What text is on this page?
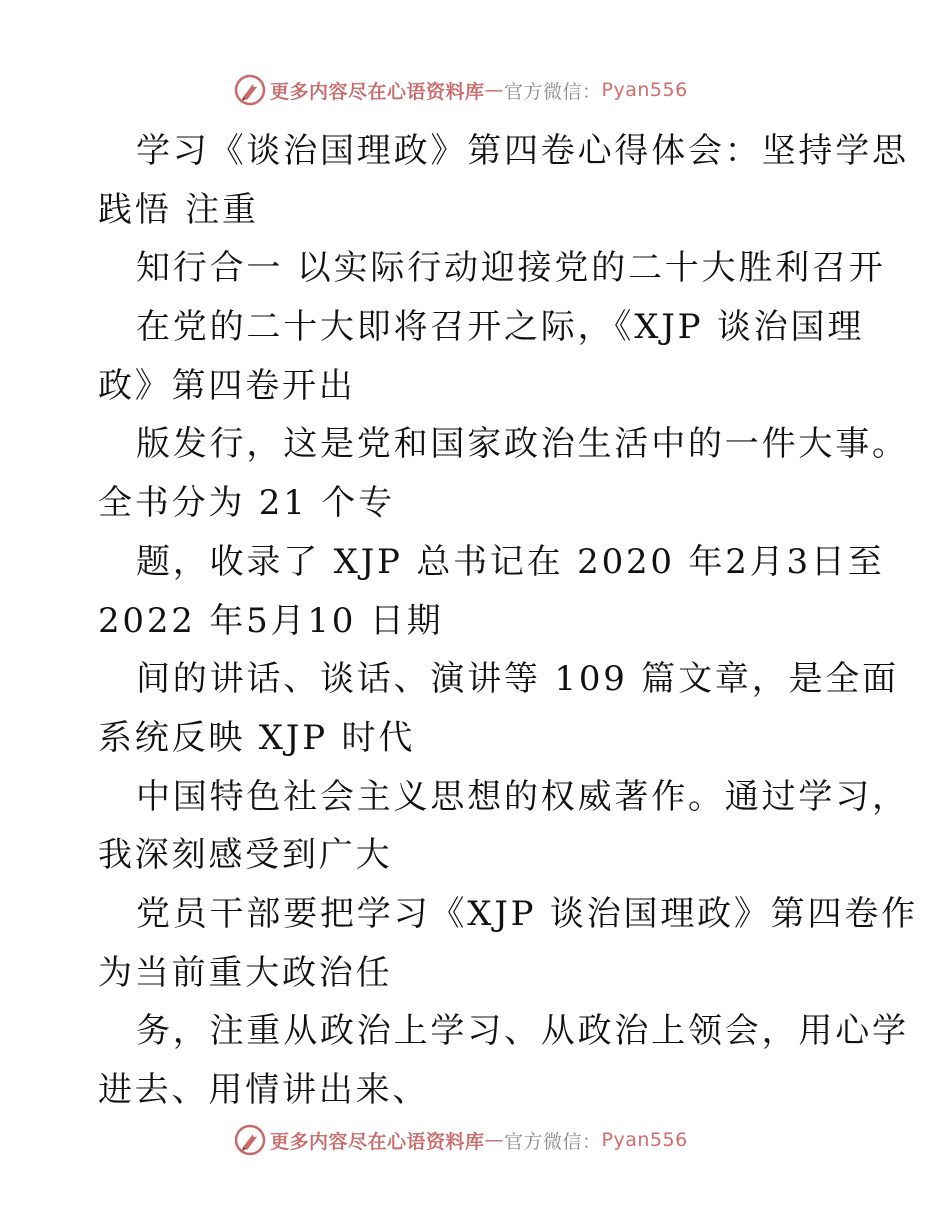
更多内容尽在心语资料库 — 官方微信： Pyan556
学习《谈治国理政》第四卷心得体会：坚持学思
践悟 注重
知行合一 以实际行动迎接党的二十大胜利召开
在党的二十大即将召开之际，《XJP 谈治国理
政》第四卷开出
版发行，这是党和国家政治生活中的一件大事。
全书分为 21 个专
题，收录了 XJP 总书记在 2020 年2月3日至
2022 年5月10 日期
间的讲话、谈话、演讲等 109 篇文章，是全面
系统反映 XJP 时代
中国特色社会主义思想的权威著作。通过学习，
我深刻感受到广大
党员干部要把学习《XJP 谈治国理政》第四卷作
为当前重大政治任
务，注重从政治上学习、从政治上领会，用心学
进去、用情讲出来、
更多内容尽在心语资料库 — 官方微信： Pyan556
